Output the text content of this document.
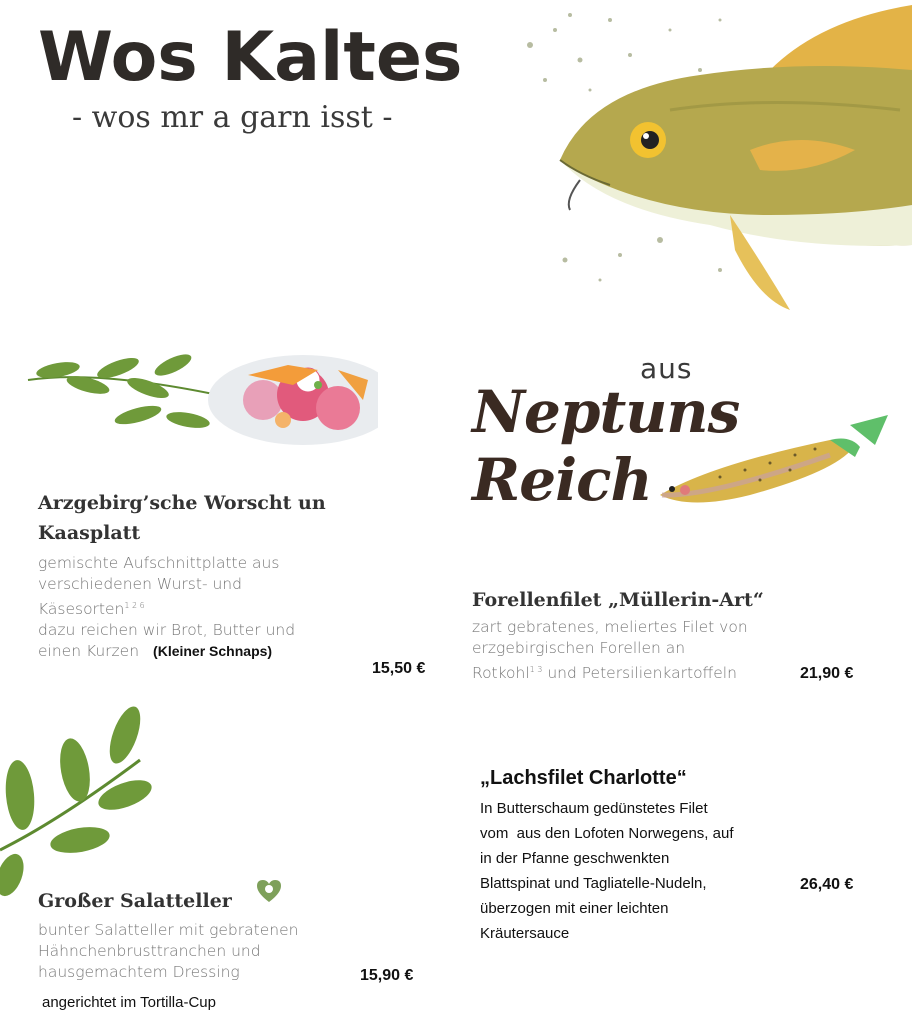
Wos Kaltes
- wos mr a garn isst -
Arzgebirg’sche Worscht un
Kaasplatt
gemischte Aufschnittplatte aus
verschiedenen Wurst- und
Käsesorten$^{1 2 6}$
dazu reichen wir Brot, Butter und
einen Kurzen (Kleiner Schnaps)
15,50 €
Großer Salatteller
bunter Salatteller mit gebratenen
Hähnchenbrusttranchen und
hausgemachtem Dressing
angerichtet im Tortilla-Cup
15,90 €
aus
Neptuns Reich
Forellenfilet „Müllerin-Art“
zart gebratenes, meliertes Filet von
erzgebirgischen Forellen an
Rotkohl$^{1 3}$ und Petersilienkartoffeln	21,90 €
„Lachsfilet Charlotte“
In Butterschaum gedünstetes Filet
vom  aus den Lofoten Norwegens, auf
in der Pfanne geschwenkten
Blattspinat und Tagliatelle-Nudeln,
überzogen mit einer leichten
Kräutersauce
26,40 €
